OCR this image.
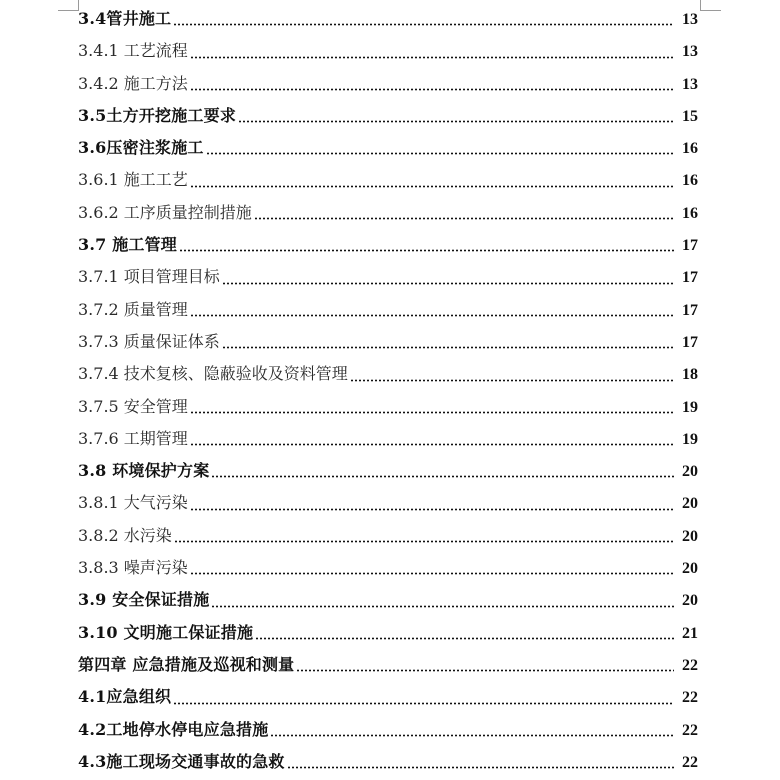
3.4管井施工	13
3.4.1 工艺流程	13
3.4.2 施工方法	13
3.5土方开挖施工要求	15
3.6压密注浆施工	16
3.6.1 施工工艺	16
3.6.2 工序质量控制措施	16
3.7 施工管理	17
3.7.1 项目管理目标	17
3.7.2 质量管理	17
3.7.3 质量保证体系	17
3.7.4 技术复核、隐蔽验收及资料管理	18
3.7.5 安全管理	19
3.7.6 工期管理	19
3.8 环境保护方案	20
3.8.1 大气污染	20
3.8.2 水污染	20
3.8.3 噪声污染	20
3.9 安全保证措施	20
3.10 文明施工保证措施	21
第四章 应急措施及巡视和测量	22
4.1应急组织	22
4.2工地停水停电应急措施	22
4.3施工现场交通事故的急救	22
